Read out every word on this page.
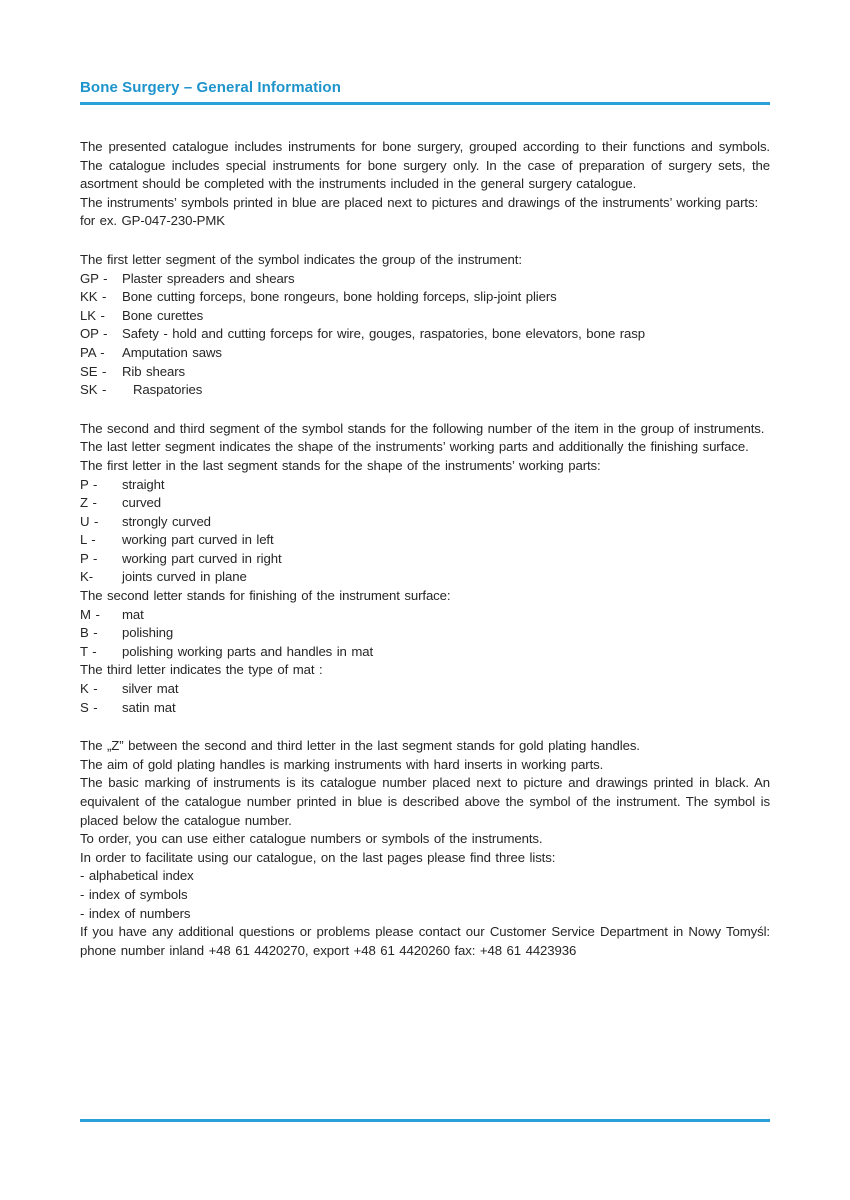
Bone Surgery – General Information

The presented catalogue includes instruments for bone surgery, grouped according to their functions and symbols. The catalogue includes special instruments for bone surgery only. In the case of preparation of surgery sets, the asortment should be completed with the instruments included in the general surgery catalogue.

The instruments’ symbols printed in blue are placed next to pictures and drawings of the instruments’ working parts:

for ex. GP-047-230-PMK

The first letter segment of the symbol indicates the group of the instrument:

GP -	Plaster spreaders and shears
KK -	Bone cutting forceps, bone rongeurs, bone holding forceps, slip-joint pliers
LK -	Bone curettes
OP -	Safety - hold and cutting forceps for wire, gouges, raspatories, bone elevators, bone rasp
PA -	Amputation saws
SE -	Rib shears
SK -	Raspatories

The second and third segment of the symbol stands for the following number of the item in the group of instruments.

The last letter segment indicates the shape of the instruments’ working parts and additionally the finishing surface.

The first letter in the last segment stands for the shape of the instruments’ working parts:

P -	straight
Z -	curved
U -	strongly curved
L -	working part curved in left
P -	working part curved in right
K-	joints curved in plane

The second letter stands for finishing of the instrument surface:

M -	mat
B -	polishing
T -	polishing working parts and handles in mat

The third letter indicates the type of mat :

K -	silver mat
S -	satin mat

The „Z” between the second and third letter in the last segment stands for gold plating handles.

The aim of gold plating handles is marking instruments with hard inserts in working parts.

The basic marking of instruments is its catalogue number placed next to picture and drawings printed in black. An equivalent of the catalogue number printed in blue is described above the symbol of the instrument. The symbol is placed below the catalogue number.

To order, you can use either catalogue numbers or symbols of the instruments.

In order to facilitate using our catalogue, on the last pages please find three lists:

- alphabetical index

- index of symbols

- index of numbers

If you have any additional questions or problems please contact our Customer Service Department in Nowy Tomyśl: phone number inland +48 61 4420270, export +48 61 4420260 fax: +48 61 4423936
